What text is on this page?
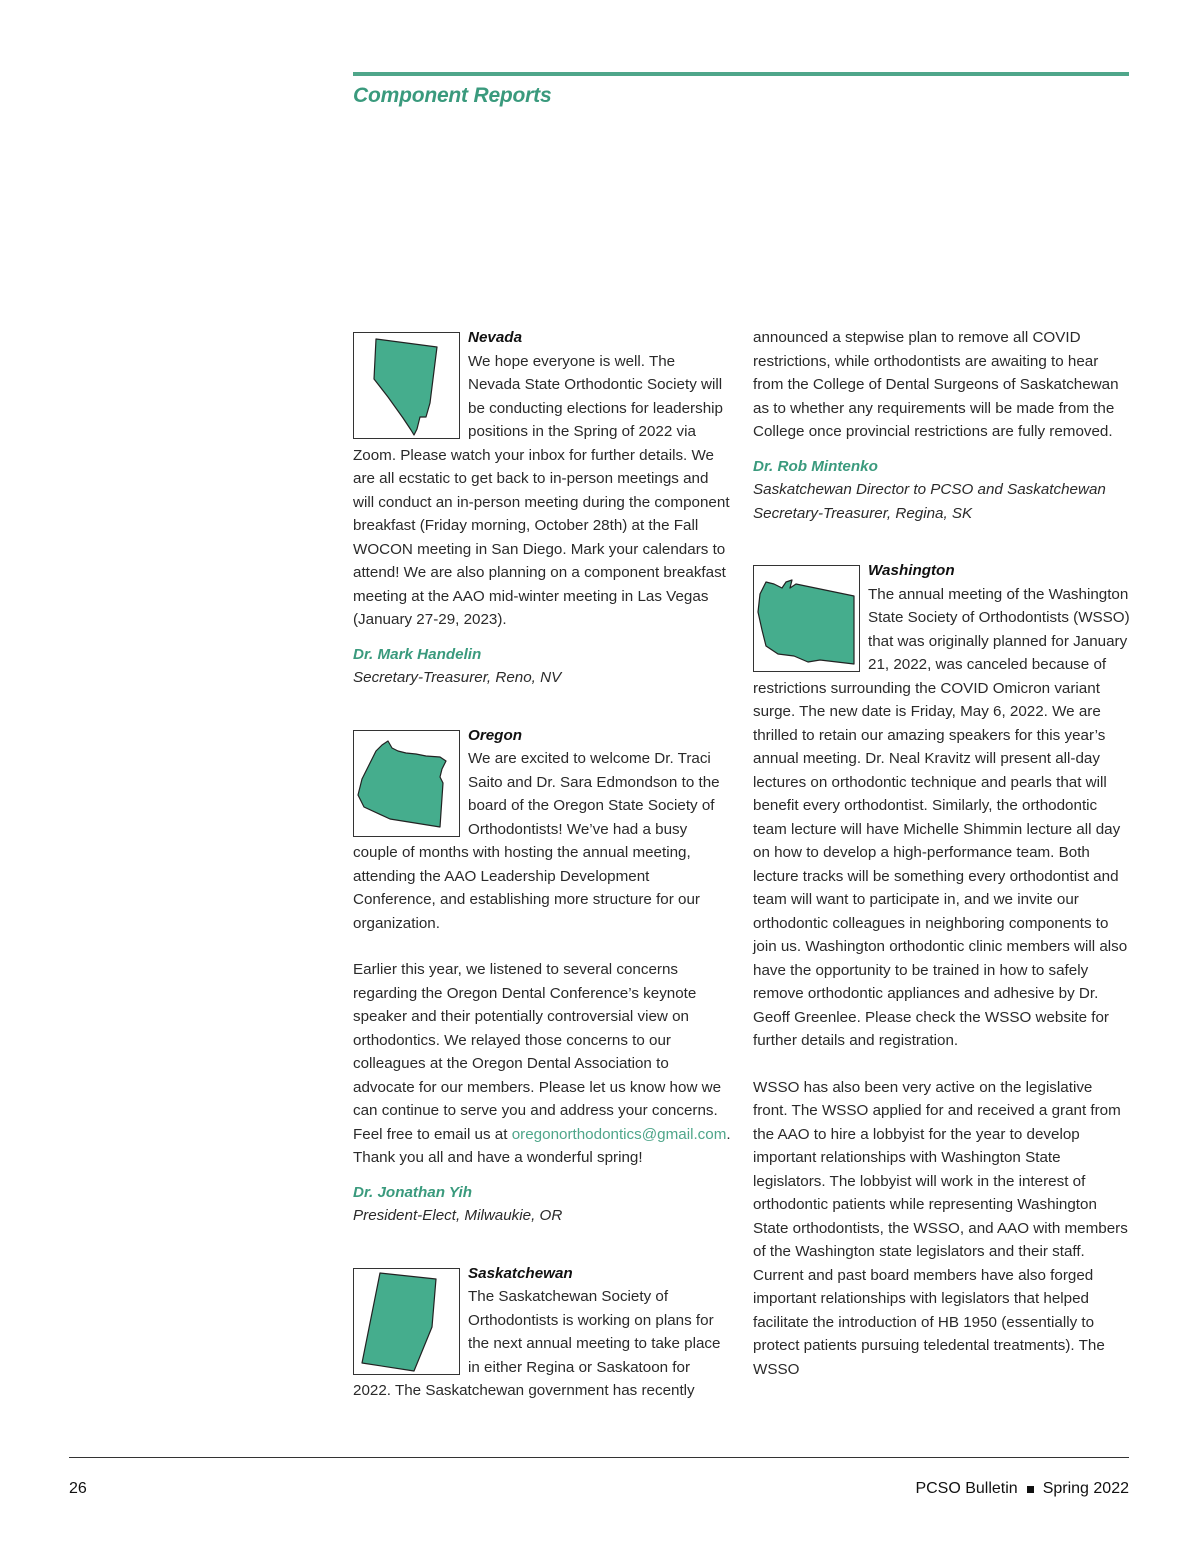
Component Reports
Nevada

We hope everyone is well. The Nevada State Orthodontic Society will be conducting elections for leadership positions in the Spring of 2022 via Zoom. Please watch your inbox for further details. We are all ecstatic to get back to in-person meetings and will conduct an in-person meeting during the component breakfast (Friday morning, October 28th) at the Fall WOCON meeting in San Diego. Mark your calendars to attend! We are also planning on a component breakfast meeting at the AAO mid-winter meeting in Las Vegas (January 27-29, 2023).

Dr. Mark Handelin
Secretary-Treasurer, Reno, NV
Oregon

We are excited to welcome Dr. Traci Saito and Dr. Sara Edmondson to the board of the Oregon State Society of Orthodontists! We’ve had a busy couple of months with hosting the annual meeting, attending the AAO Leadership Development Conference, and establishing more structure for our organization.

Earlier this year, we listened to several concerns regarding the Oregon Dental Conference’s keynote speaker and their potentially controversial view on orthodontics. We relayed those concerns to our colleagues at the Oregon Dental Association to advocate for our members. Please let us know how we can continue to serve you and address your concerns. Feel free to email us at oregonorthodontics@gmail.com. Thank you all and have a wonderful spring!

Dr. Jonathan Yih
President-Elect, Milwaukie, OR
Saskatchewan

The Saskatchewan Society of Orthodontists is working on plans for the next annual meeting to take place in either Regina or Saskatoon for 2022. The Saskatchewan government has recently

announced a stepwise plan to remove all COVID restrictions, while orthodontists are awaiting to hear from the College of Dental Surgeons of Saskatchewan as to whether any requirements will be made from the College once provincial restrictions are fully removed.

Dr. Rob Mintenko
Saskatchewan Director to PCSO and Saskatchewan Secretary-Treasurer, Regina, SK
Washington

The annual meeting of the Washington State Society of Orthodontists (WSSO) that was originally planned for January 21, 2022, was canceled because of restrictions surrounding the COVID Omicron variant surge. The new date is Friday, May 6, 2022. We are thrilled to retain our amazing speakers for this year’s annual meeting. Dr. Neal Kravitz will present all-day lectures on orthodontic technique and pearls that will benefit every orthodontist. Similarly, the orthodontic team lecture will have Michelle Shimmin lecture all day on how to develop a high-performance team. Both lecture tracks will be something every orthodontist and team will want to participate in, and we invite our orthodontic colleagues in neighboring components to join us. Washington orthodontic clinic members will also have the opportunity to be trained in how to safely remove orthodontic appliances and adhesive by Dr. Geoff Greenlee. Please check the WSSO website for further details and registration.

WSSO has also been very active on the legislative front. The WSSO applied for and received a grant from the AAO to hire a lobbyist for the year to develop important relationships with Washington State legislators. The lobbyist will work in the interest of orthodontic patients while representing Washington State orthodontists, the WSSO, and AAO with members of the Washington state legislators and their staff. Current and past board members have also forged important relationships with legislators that helped facilitate the introduction of HB 1950 (essentially to protect patients pursuing teledental treatments). The WSSO

26	PCSO Bulletin Spring 2022
